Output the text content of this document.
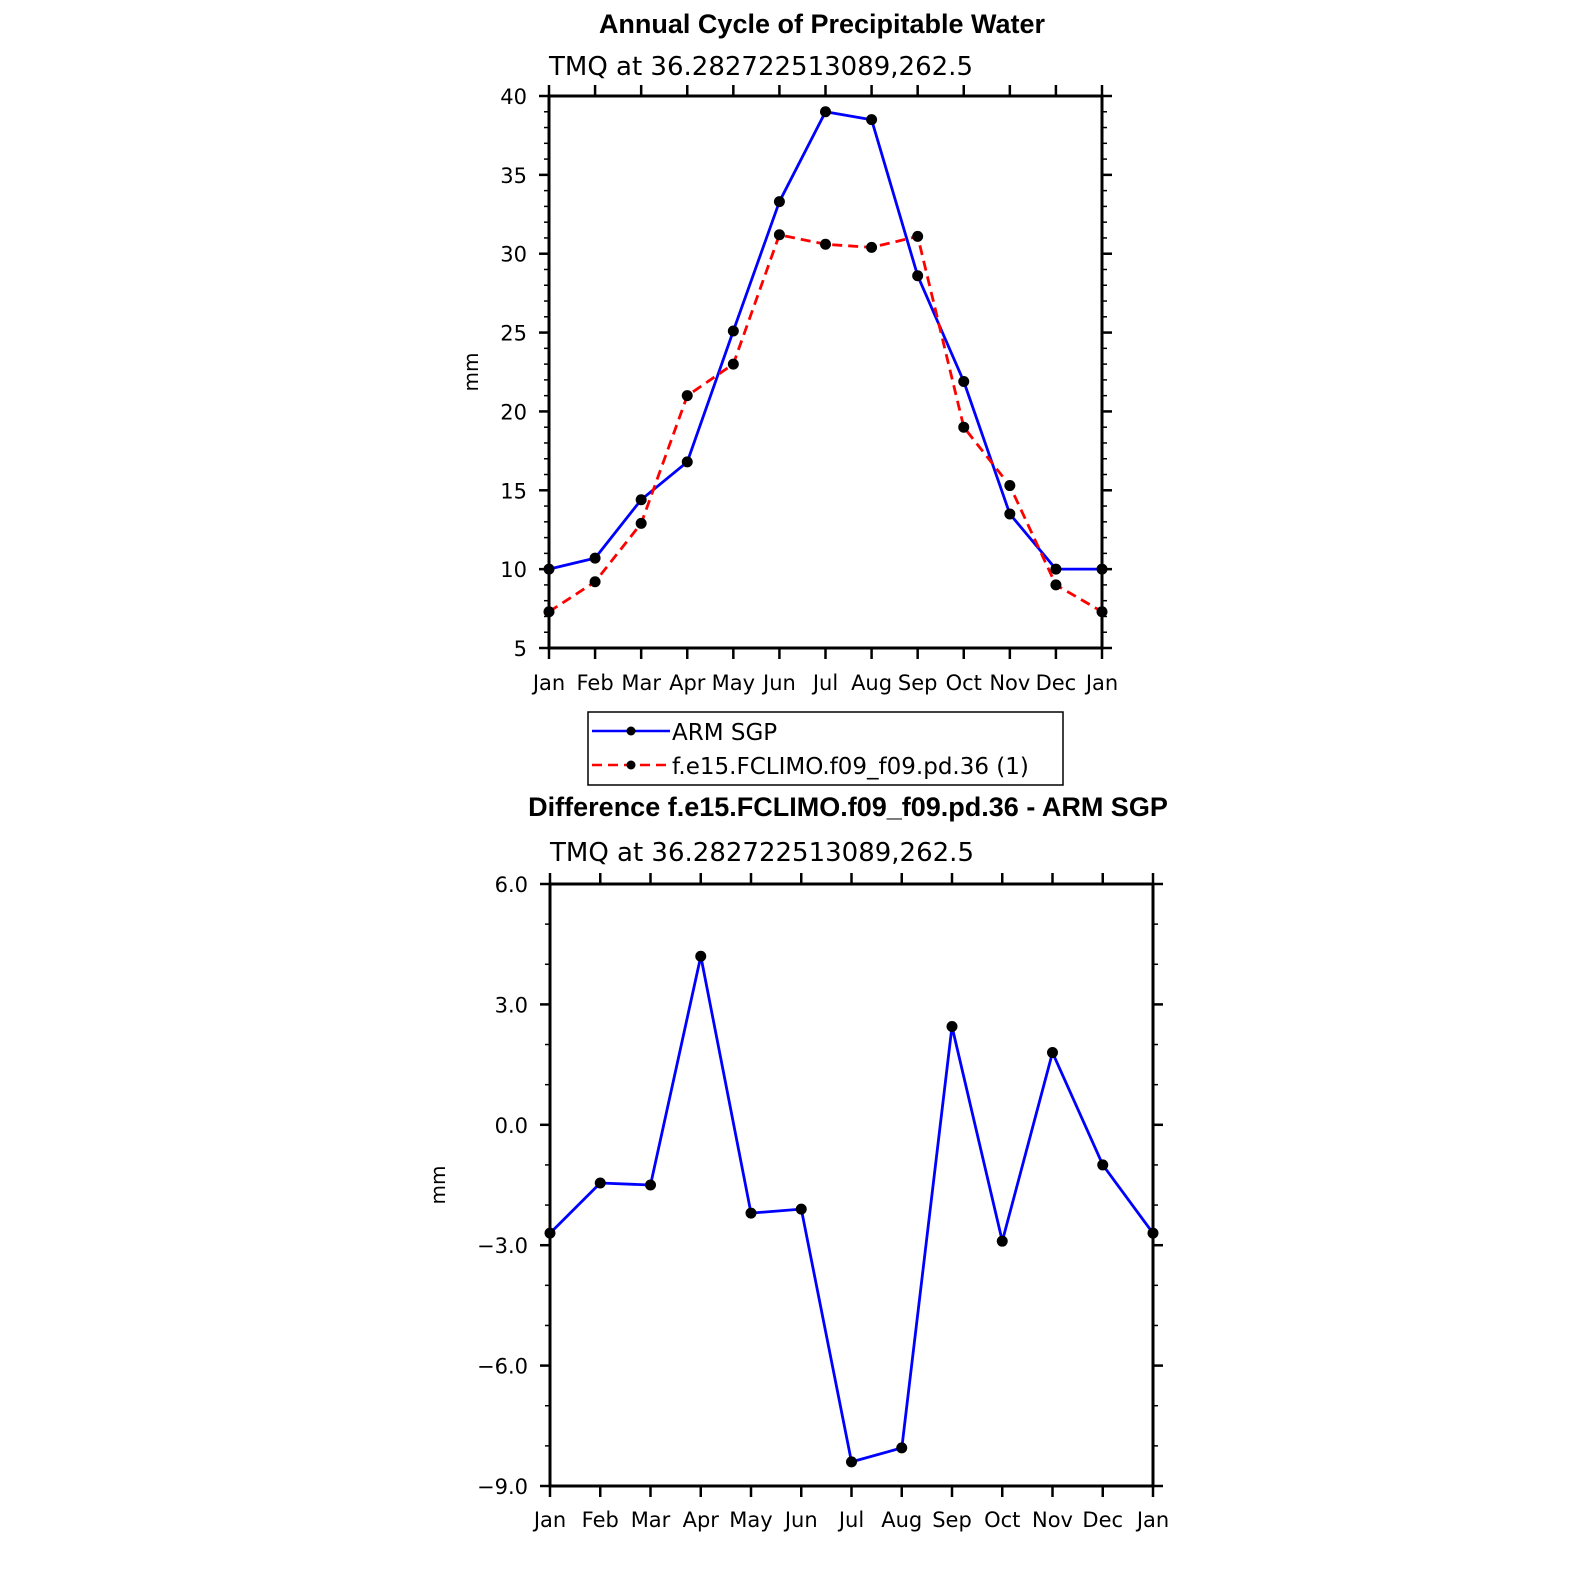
Annual Cycle of Precipitable Water
TMQ at 36.282722513089,262.5
5
10
15
20
25
30
35
40
Jan Feb Mar Apr May Jun Jul Aug Sep Oct Nov Dec Jan
mm
ARM SGP
f.e15.FCLIMO.f09_f09.pd.36 (1)
Difference f.e15.FCLIMO.f09_f09.pd.36 - ARM SGP
TMQ at 36.282722513089,262.5
−9.0
−6.0
−3.0
0.0
3.0
6.0
Jan Feb Mar Apr May Jun Jul Aug Sep Oct Nov Dec Jan
mm
